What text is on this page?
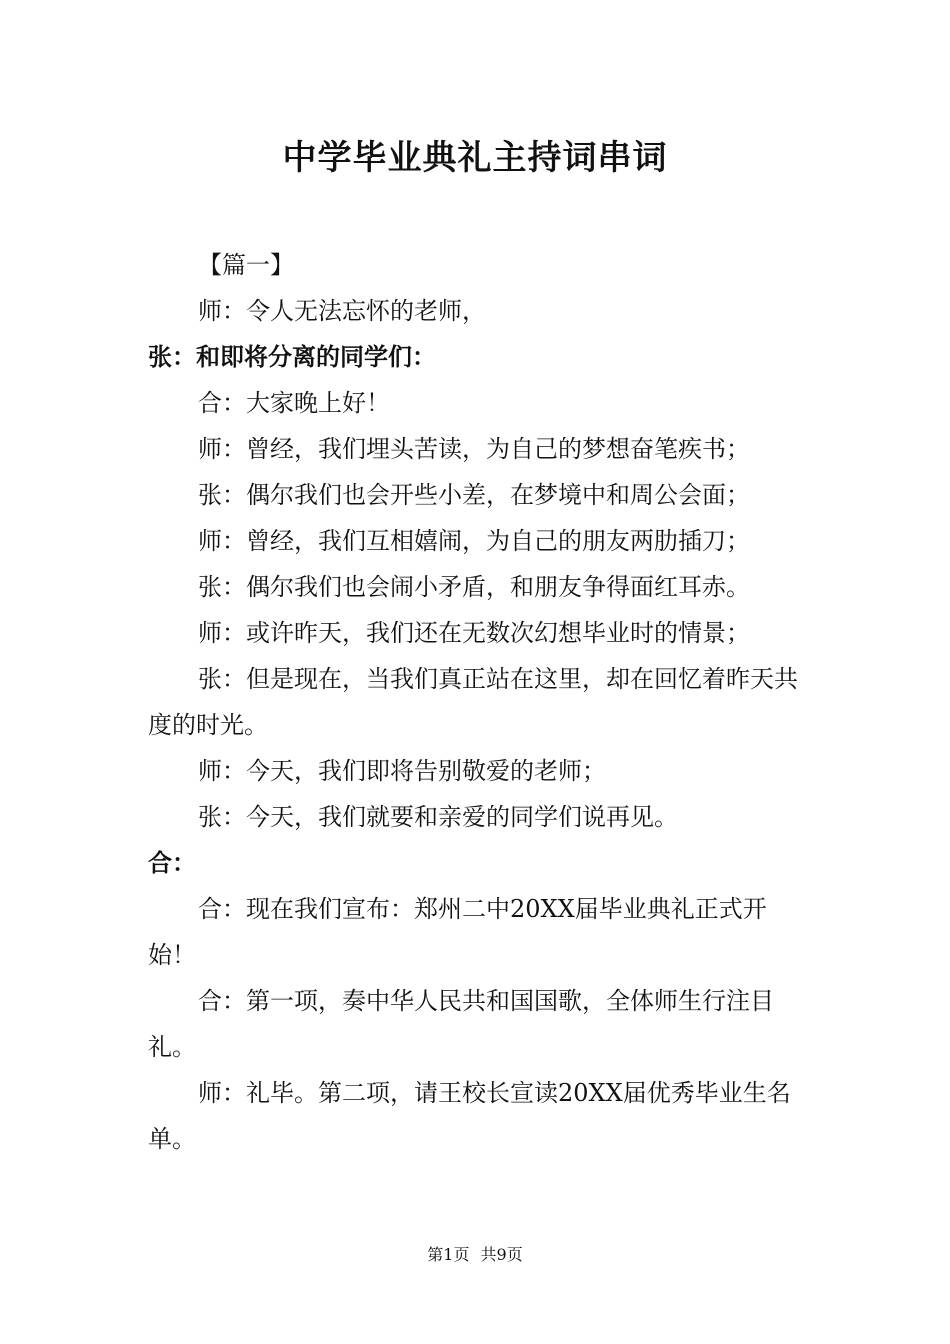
中学毕业典礼主持词串词

【篇一】

师：令人无法忘怀的老师，

张：和即将分离的同学们：

合：大家晚上好！

师：曾经，我们埋头苦读，为自己的梦想奋笔疾书；

张：偶尔我们也会开些小差，在梦境中和周公会面；

师：曾经，我们互相嬉闹，为自己的朋友两肋插刀；

张：偶尔我们也会闹小矛盾，和朋友争得面红耳赤。

师：或许昨天，我们还在无数次幻想毕业时的情景；

张：但是现在，当我们真正站在这里，却在回忆着昨天共度的时光。

师：今天，我们即将告别敬爱的老师；

张：今天，我们就要和亲爱的同学们说再见。

合：

合：现在我们宣布：郑州二中20XX届毕业典礼正式开始！

合：第一项，奏中华人民共和国国歌，全体师生行注目礼。

师：礼毕。第二项，请王校长宣读20XX届优秀毕业生名单。

第1页 共9页
